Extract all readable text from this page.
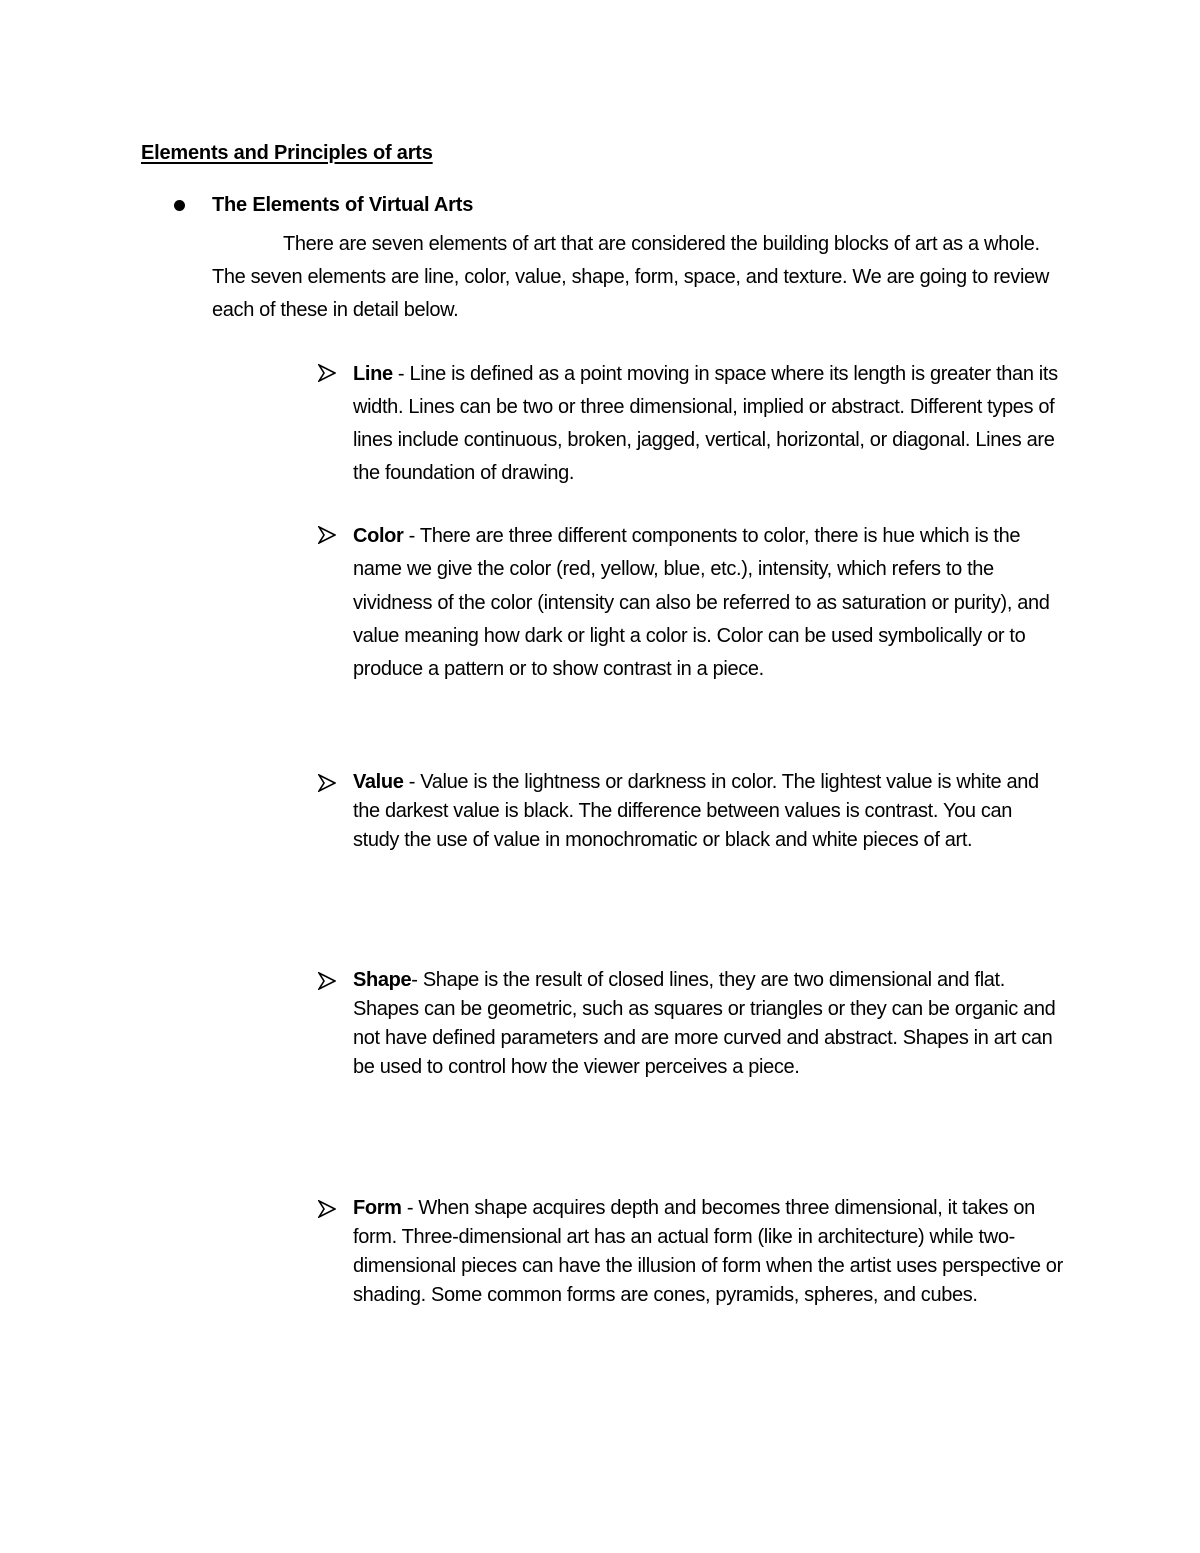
Elements and Principles of arts
The Elements of Virtual Arts
There are seven elements of art that are considered the building blocks of art as a whole. The seven elements are line, color, value, shape, form, space, and texture. We are going to review each of these in detail below.
Line - Line is defined as a point moving in space where its length is greater than its width. Lines can be two or three dimensional, implied or abstract. Different types of lines include continuous, broken, jagged, vertical, horizontal, or diagonal. Lines are the foundation of drawing.
Color - There are three different components to color, there is hue which is the name we give the color (red, yellow, blue, etc.), intensity, which refers to the vividness of the color (intensity can also be referred to as saturation or purity), and value meaning how dark or light a color is. Color can be used symbolically or to produce a pattern or to show contrast in a piece.
Value - Value is the lightness or darkness in color. The lightest value is white and the darkest value is black. The difference between values is contrast. You can study the use of value in monochromatic or black and white pieces of art.
Shape- Shape is the result of closed lines, they are two dimensional and flat. Shapes can be geometric, such as squares or triangles or they can be organic and not have defined parameters and are more curved and abstract. Shapes in art can be used to control how the viewer perceives a piece.
Form - When shape acquires depth and becomes three dimensional, it takes on form. Three-dimensional art has an actual form (like in architecture) while two-dimensional pieces can have the illusion of form when the artist uses perspective or shading. Some common forms are cones, pyramids, spheres, and cubes.
